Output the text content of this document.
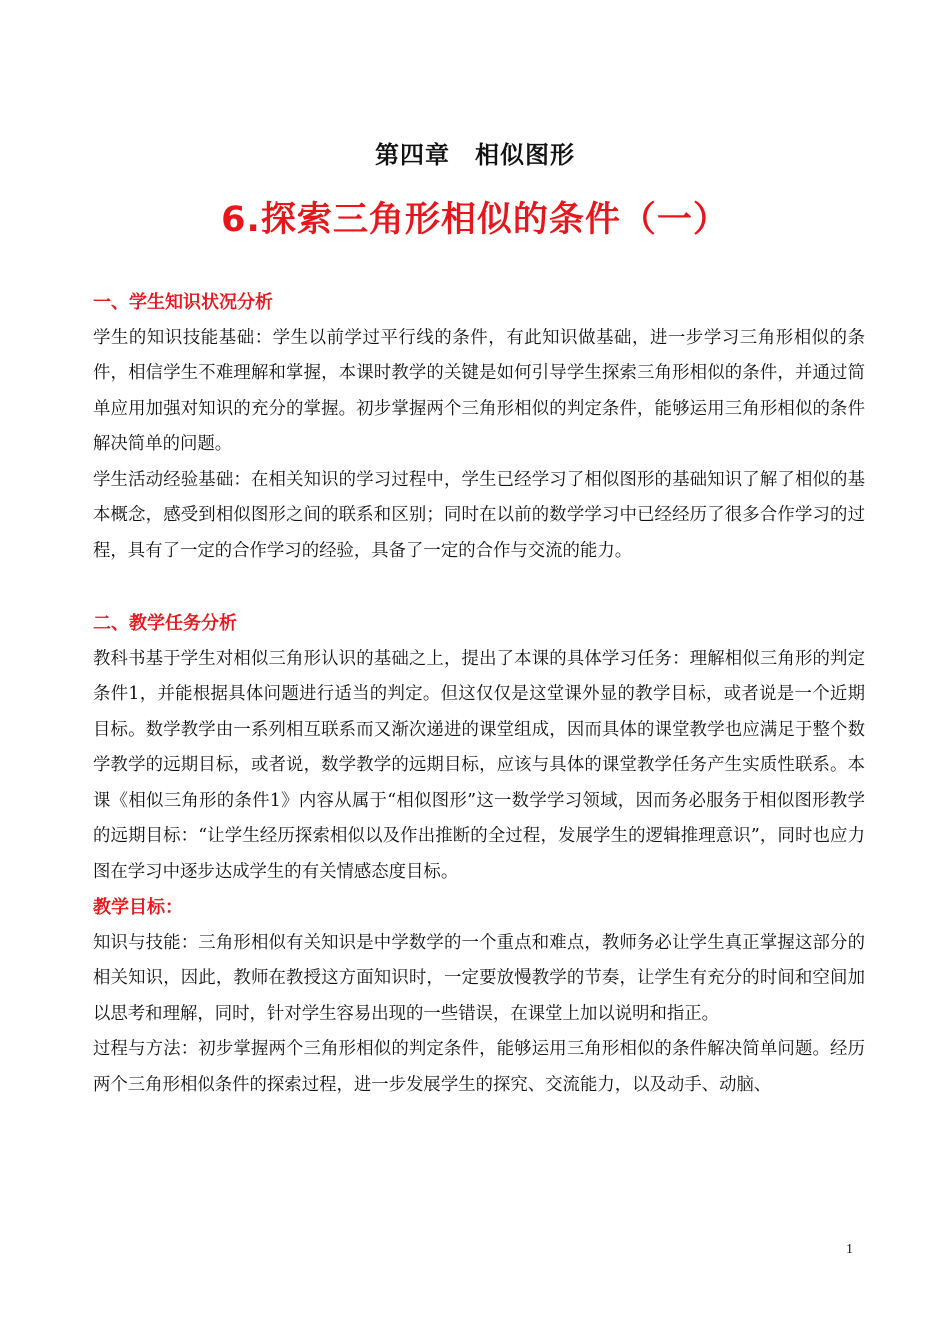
第四章　相似图形
6.探索三角形相似的条件（一）
一、学生知识状况分析

学生的知识技能基础：学生以前学过平行线的条件，有此知识做基础，进一步学习三角形相似的条件，相信学生不难理解和掌握，本课时教学的关键是如何引导学生探索三角形相似的条件，并通过简单应用加强对知识的充分的掌握。初步掌握两个三角形相似的判定条件，能够运用三角形相似的条件解决简单的问题。

学生活动经验基础：在相关知识的学习过程中，学生已经学习了相似图形的基础知识了解了相似的基本概念，感受到相似图形之间的联系和区别；同时在以前的数学学习中已经经历了很多合作学习的过程，具有了一定的合作学习的经验，具备了一定的合作与交流的能力。

二、教学任务分析

教科书基于学生对相似三角形认识的基础之上，提出了本课的具体学习任务：理解相似三角形的判定条件1，并能根据具体问题进行适当的判定。但这仅仅是这堂课外显的教学目标，或者说是一个近期目标。数学教学由一系列相互联系而又渐次递进的课堂组成，因而具体的课堂教学也应满足于整个数学教学的远期目标，或者说，数学教学的远期目标，应该与具体的课堂教学任务产生实质性联系。本课《相似三角形的条件1》内容从属于“相似图形”这一数学学习领域，因而务必服务于相似图形教学的远期目标：“让学生经历探索相似以及作出推断的全过程，发展学生的逻辑推理意识”，同时也应力图在学习中逐步达成学生的有关情感态度目标。

教学目标：

知识与技能：三角形相似有关知识是中学数学的一个重点和难点，教师务必让学生真正掌握这部分的相关知识，因此，教师在教授这方面知识时，一定要放慢教学的节奏，让学生有充分的时间和空间加以思考和理解，同时，针对学生容易出现的一些错误，在课堂上加以说明和指正。

过程与方法：初步掌握两个三角形相似的判定条件，能够运用三角形相似的条件解决简单问题。经历两个三角形相似条件的探索过程，进一步发展学生的探究、交流能力，以及动手、动脑、

1
